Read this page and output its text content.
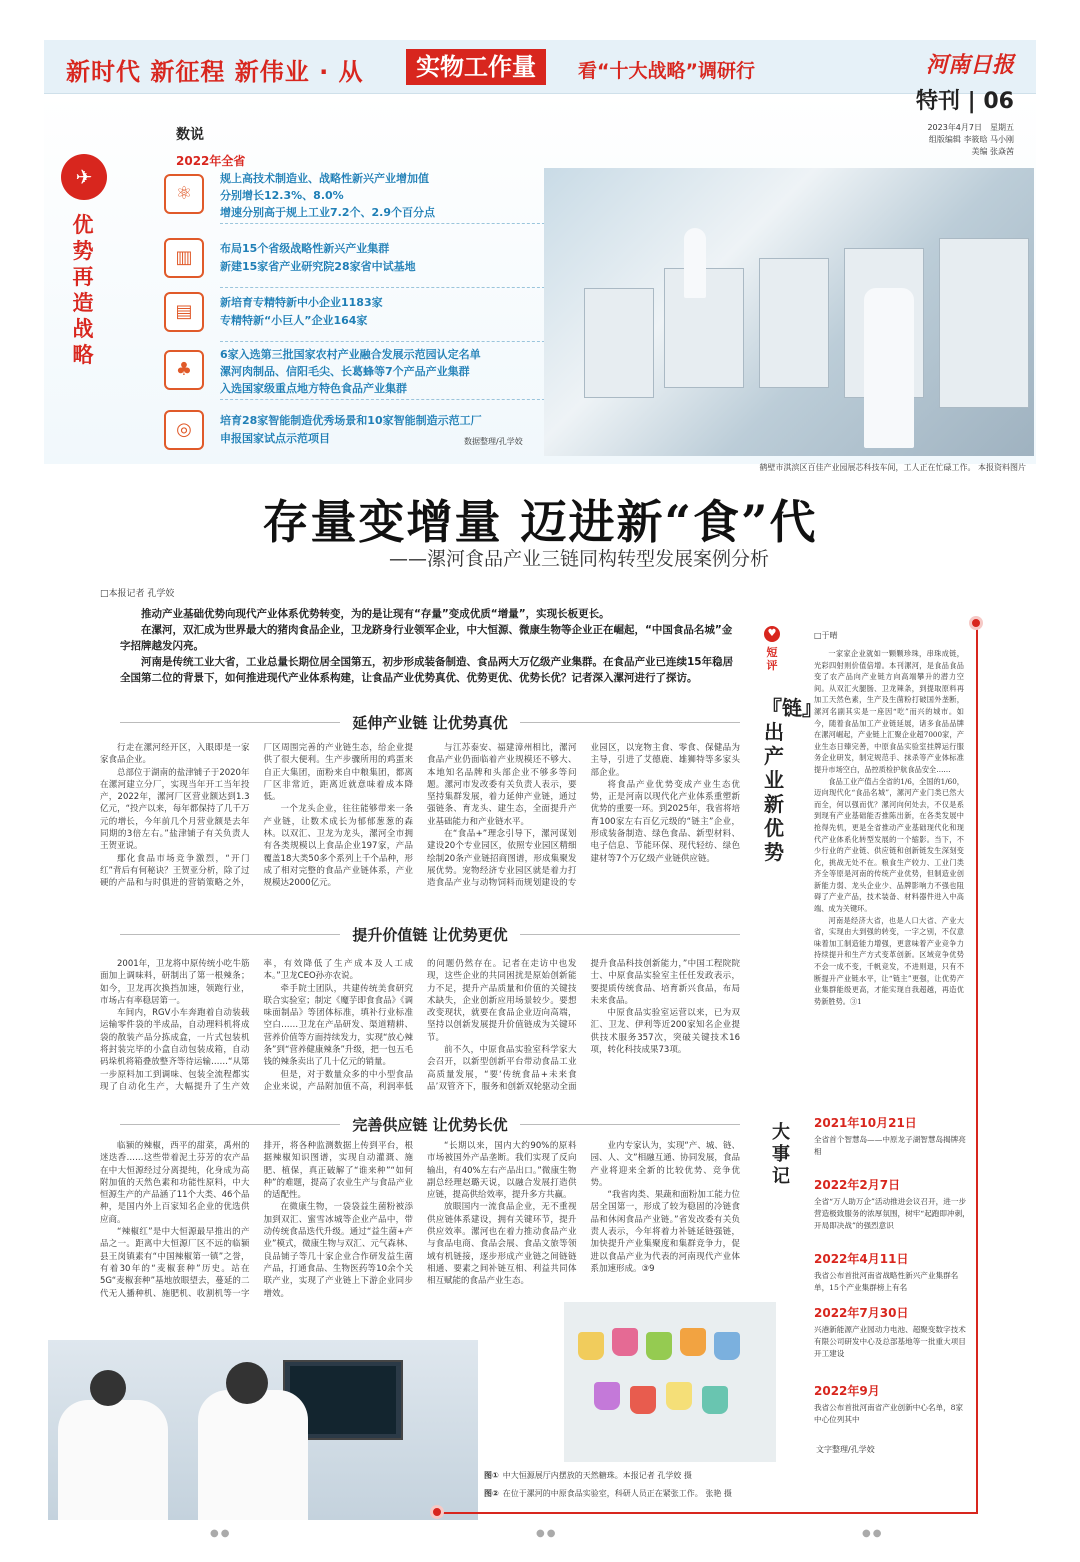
新时代 新征程 新伟业 · 从	实物工作量	看“十大战略”调研行	河南日报
特刊 | 06
2023年4月7日　星期五
组版编辑 李筱晗 马小刚
美编 张焱茜
✈
优势再造战略
数说
2022年全省
⚛
规上高技术制造业、战略性新兴产业增加值
分别增长12.3%、8.0%
增速分别高于规上工业7.2个、2.9个百分点
▥	布局15个省级战略性新兴产业集群
新建15家省产业研究院28家省中试基地
▤	新培育专精特新中小企业1183家
专精特新“小巨人”企业164家
♣
6家入选第三批国家农村产业融合发展示范园认定名单
漯河肉制品、信阳毛尖、长葛蜂等7个产品产业集群
入选国家级重点地方特色食品产业集群
◎	培育28家智能制造优秀场景和10家智能制造示范工厂
申报国家试点示范项目	数据整理/孔学姣
鹤壁市淇滨区百佳产业园展芯科技车间，工人正在忙碌工作。 本报资料图片
存量变增量 迈进新“食”代
——漯河食品产业三链同构转型发展案例分析
□本报记者 孔学姣

推动产业基础优势向现代产业体系优势转变，为的是让现有“存量”变成优质“增量”，实现长板更长。

在漯河，双汇成为世界最大的猪肉食品企业，卫龙跻身行业领军企业，中大恒源、微康生物等企业正在崛起，“中国食品名城”金字招牌越发闪亮。

河南是传统工业大省，工业总量长期位居全国第五，初步形成装备制造、食品两大万亿级产业集群。在食品产业已连续15年稳居全国第二位的背景下，如何推进现代产业体系构建，让食品产业优势真优、优势更优、优势长优？记者深入漯河进行了探访。

延伸产业链 让优势真优

行走在漯河经开区，入眼即是一家家食品企业。

总部位于湖南的盐津铺子于2020年在漯河建立分厂，实现当年开工当年投产，2022年，漯河厂区营业额达到1.3亿元，“投产以来，每年都保持了几千万元的增长，今年前几个月营业额是去年同期的3倍左右。”盐津铺子有关负责人王贺亚说。

鄢化食品市场竞争激烈，“开门红”背后有何秘诀？王贺亚分析，除了过硬的产品和与时俱进的营销策略之外，厂区周围完善的产业链生态，给企业提供了很大便利。生产步骤所用的鸡蛋来自正大集团，面粉来自中粮集团，都离厂区非常近，距离近就意味着成本降低。

一个龙头企业，往往能够带来一条产业链，让数术成长为郁郁葱葱的森林。以双汇、卫龙为龙头，漯河全市拥有各类规模以上食品企业197家，产品覆盖18大类50多个系列上千个品种，形成了相对完整的食品产业链体系，产业规模达2000亿元。

与江苏泰安、福建漳州相比，漯河食品产业仍面临着产业规模还不够大、本地知名品牌和头部企业不够多等问题。漯河市发改委有关负责人表示，要坚持集群发展，着力延伸产业链，通过强链条、育龙头、建生态，全面提升产业基础能力和产业链水平。

在“食品+”理念引导下，漯河谋划建设20个专业园区，依照专业园区精细绘制20条产业链招商图谱，形成集聚发展优势。宠物经济专业园区就是着力打造食品产业与动物饲料而规划建设的专业园区，以宠物主食、零食、保健品为主导，引进了艾德鹿、雄狮特等多家头部企业。

将食品产业优势变成产业生态优势，正是河南以现代化产业体系重塑新优势的重要一环。到2025年，我省将培育100家左右百亿元级的“链主”企业，形成装备制造、绿色食品、新型材料、电子信息、节能环保、现代轻纺、绿色建材等7个万亿级产业链供应链。

提升价值链 让优势更优

2001年，卫龙将中原传统小吃牛筋面加上调味料，研制出了第一根辣条；如今，卫龙再次换挡加速，领跑行业，市场占有率稳居第一。

车间内，RGV小车奔跑着自动装载运输零件袋的半成品，自动理料机将成袋的散装产品分拣成盒，一片式包装机将封装完毕的小盒自动包装成箱，自动码垛机将箱叠放整齐等待运输……“从第一步原料加工到调味、包装全流程都实现了自动化生产，大幅提升了生产效率，有效降低了生产成本及人工成本。”卫龙CEO孙亦农说。

牵手院士团队，共建传统美食研究联合实验室；制定《魔芋即食食品》《调味面制品》等团体标准，填补行业标准空白……卫龙在产品研发、渠道精耕、营养价值等方面持续发力，实现“放心辣条”到“营养健康辣条”升级，把一包五毛钱的辣条卖出了几十亿元的销量。

但是，对于数量众多的中小型食品企业来说，产品附加值不高，利润率低的问题仍然存在。记者在走访中也发现，这些企业的共同困扰是原始创新能力不足，提升产品质量和价值的关键技术缺失，企业创新应用场景较少。要想改变现状，就要在食品企业迈向高端，坚持以创新发展提升价值链成为关键环节。

前不久，中原食品实验室科学家大会召开，以新型创新平台带动食品工业高质量发展，“要‘传统食品+未来食品’双管齐下，服务和创新双轮驱动全面提升食品科技创新能力，”中国工程院院士、中原食品实验室主任任发政表示，要提质传统食品、培育新兴食品，布局未来食品。

中原食品实验室运营以来，已为双汇、卫龙、伊利等近200家知名企业提供技术服务357次，突破关键技术16项，转化科技成果73项。

完善供应链 让优势长优

临颍的辣椒，西平的甜菜，禹州的迷迭香……这些带着泥土芬芳的农产品在中大恒源经过分离提纯，化身成为高附加值的天然色素和功能性原料，中大恒源生产的产品涵了11个大类、46个品种，是国内外上百家知名企业的优选供应商。

“辣椒红”是中大恒源最早推出的产品之一。距离中大恒源厂区不远的临颍县王岗镇素有“中国辣椒第一镇”之誉，有着30年的“麦椒套种”历史。站在5G“麦椒套种”基地放眼望去，蔓延的二代无人播种机、施肥机、收割机等一字排开，将各种监测数据上传到平台，根据辣椒知识图谱，实现自动灌溉、施肥、植保，真正破解了“谁来种”“如何种”的难题，提高了农业生产与食品产业的适配性。

在微康生物，一袋袋益生菌粉被添加到双汇、蜜雪冰城等企业产品中，带动传统食品迭代升级。通过“益生菌+产业”模式，微康生物与双汇、元气森林、良品铺子等几十家企业合作研发益生菌产品，打通食品、生物医药等10余个关联产业，实现了产业链上下游企业同步增效。

“长期以来，国内大约90%的原料市场被国外产品垄断。我们实现了反向输出，有40%左右产品出口。”微康生物副总经理赵璐天说，以融合发展打造供应链，提高供给效率，提升多方共赢。

放眼国内一流食品企业，无不重视供应链体系建设，拥有关键环节，提升供应效率。漯河也在着力推动食品产业与食品电商、食品会展、食品文旅等领域有机链接，逐步形成产业链之间链链相通、要素之间补链互相、利益共同体相互赋能的食品产业生态。

业内专家认为，实现“产、城、链、园、人、文”相融互通、协同发展，食品产业将迎来全新的比较优势、竞争优势。

“我省肉类、果蔬和面粉加工能力位居全国第一，形成了较为稳固的冷链食品和休闲食品产业链。”省发改委有关负责人表示，今年将着力补链延链强链，加快提升产业集聚度和集群竞争力，促进以食品产业为代表的河南现代产业体系加速形成。③9

♥
短评
『链』出产业新优势
□于晴

一家家企业就如一颗颗珍珠，串珠成链，光彩四射则价值倍增。本刊漯河，是食品食品变了农产品向产业链方向高端攀升的潜力空间。从双汇火腿肠、卫龙辣条，到提取原料再加工天然色素，生产及生菌粉打破国外垄断，漯河名副其实是一座因“吃”而兴的城市。如今，随着食品加工产业链延展，诸多食品品牌在漯河崛起，产业链上汇聚企业超7000家，产业生态日臻完善，中原食品实验室挂牌运行服务企业研发，制定规范手、抹杀等产业体标准提升市场空白，品控质检护航食品安全……

食品工业产值占全省的1/6，全国的1/60，迈向现代化“食品名城”，漯河产业门类已然大而全，何以强而优？漯河向何处去，不仅是系到现有产业基础能否推陈出新，在各类发展中抢得先机，更是全省推动产业基础现代化和现代产业体系化转型发展的一个缩影。当下，不少行业的产业链、供应链和创新链发生深刻变化，挑战无处不在。粮食生产较力、工业门类齐全等原是河南的传统产业优势，但制造业创新能力弱、龙头企业少、品牌影响力不强也阻碍了产业产品，技术装备、材料器件进入中高端、成为关键环。

河南是经济大省，也是人口大省、产业大省，实现由大到强的转变，一字之别，不仅意味着加工制造能力增强，更意味着产业竞争力持续提升和生产方式变革创新。区域竞争优势不会一成不变，千帆竞发，不进则退，只有不断提升产业链水平，让“链主”更强，让优势产业集群能级更高，才能实现自我超越，再造优势新胜势。③1

大事记
2021年10月21日
全省首个智慧岛——中原龙子湖智慧岛揭牌亮相
2022年2月7日
全省“万人助万企”活动推进会议召开，进一步营造极致服务的浓厚氛围，树牢“起跑即冲刺，开局即决战”的强烈意识
2022年4月11日
我省公布首批河南省战略性新兴产业集群名单，15个产业集群榜上有名
2022年7月30日
兴港新能源产业园动力电池、超聚变数字技术有限公司研发中心及总部基地等一批重大项目开工建设
2022年9月
我省公布首批河南省产业创新中心名单，8家中心位列其中
文字整理/孔学姣
图① 中大恒源展厅内摆放的天然糖珠。本报记者 孔学姣 摄
图② 在位于漯河的中原食品实验室，科研人员正在紧张工作。 张艳 摄
●●	●●	●●
